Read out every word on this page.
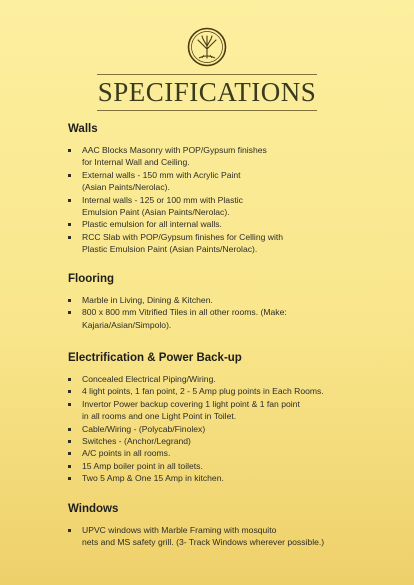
SPECIFICATIONS
Walls
AAC Blocks Masonry with POP/Gypsum finishes
for Internal Wall and Ceiling.
External walls - 150 mm with Acrylic Paint
(Asian Paints/Nerolac).
Internal walls - 125 or 100 mm with Plastic
Emulsion Paint (Asian Paints/Nerolac).
Plastic emulsion for all internal walls.
RCC Slab with POP/Gypsum finishes for Celling with
Plastic Emulsion Paint (Asian Paints/Nerolac).
Flooring
Marble in Living, Dining & Kitchen.
800 x 800 mm Vitrified Tiles in all other rooms. (Make:
Kajaria/Asian/Simpolo).
Electrification & Power Back-up
Concealed Electrical Piping/Wiring.
4 light points, 1 fan point, 2 - 5 Amp plug points in Each Rooms.
Invertor Power backup covering 1 light point & 1 fan point
in all rooms and one Light Point in Toilet.
Cable/Wiring - (Polycab/Finolex)
Switches - (Anchor/Legrand)
A/C points in all rooms.
15 Amp boiler point in all toilets.
Two 5 Amp & One 15 Amp in kitchen.
Windows
UPVC windows with Marble Framing with mosquito
nets and MS safety grill. (3- Track Windows wherever possible.)
